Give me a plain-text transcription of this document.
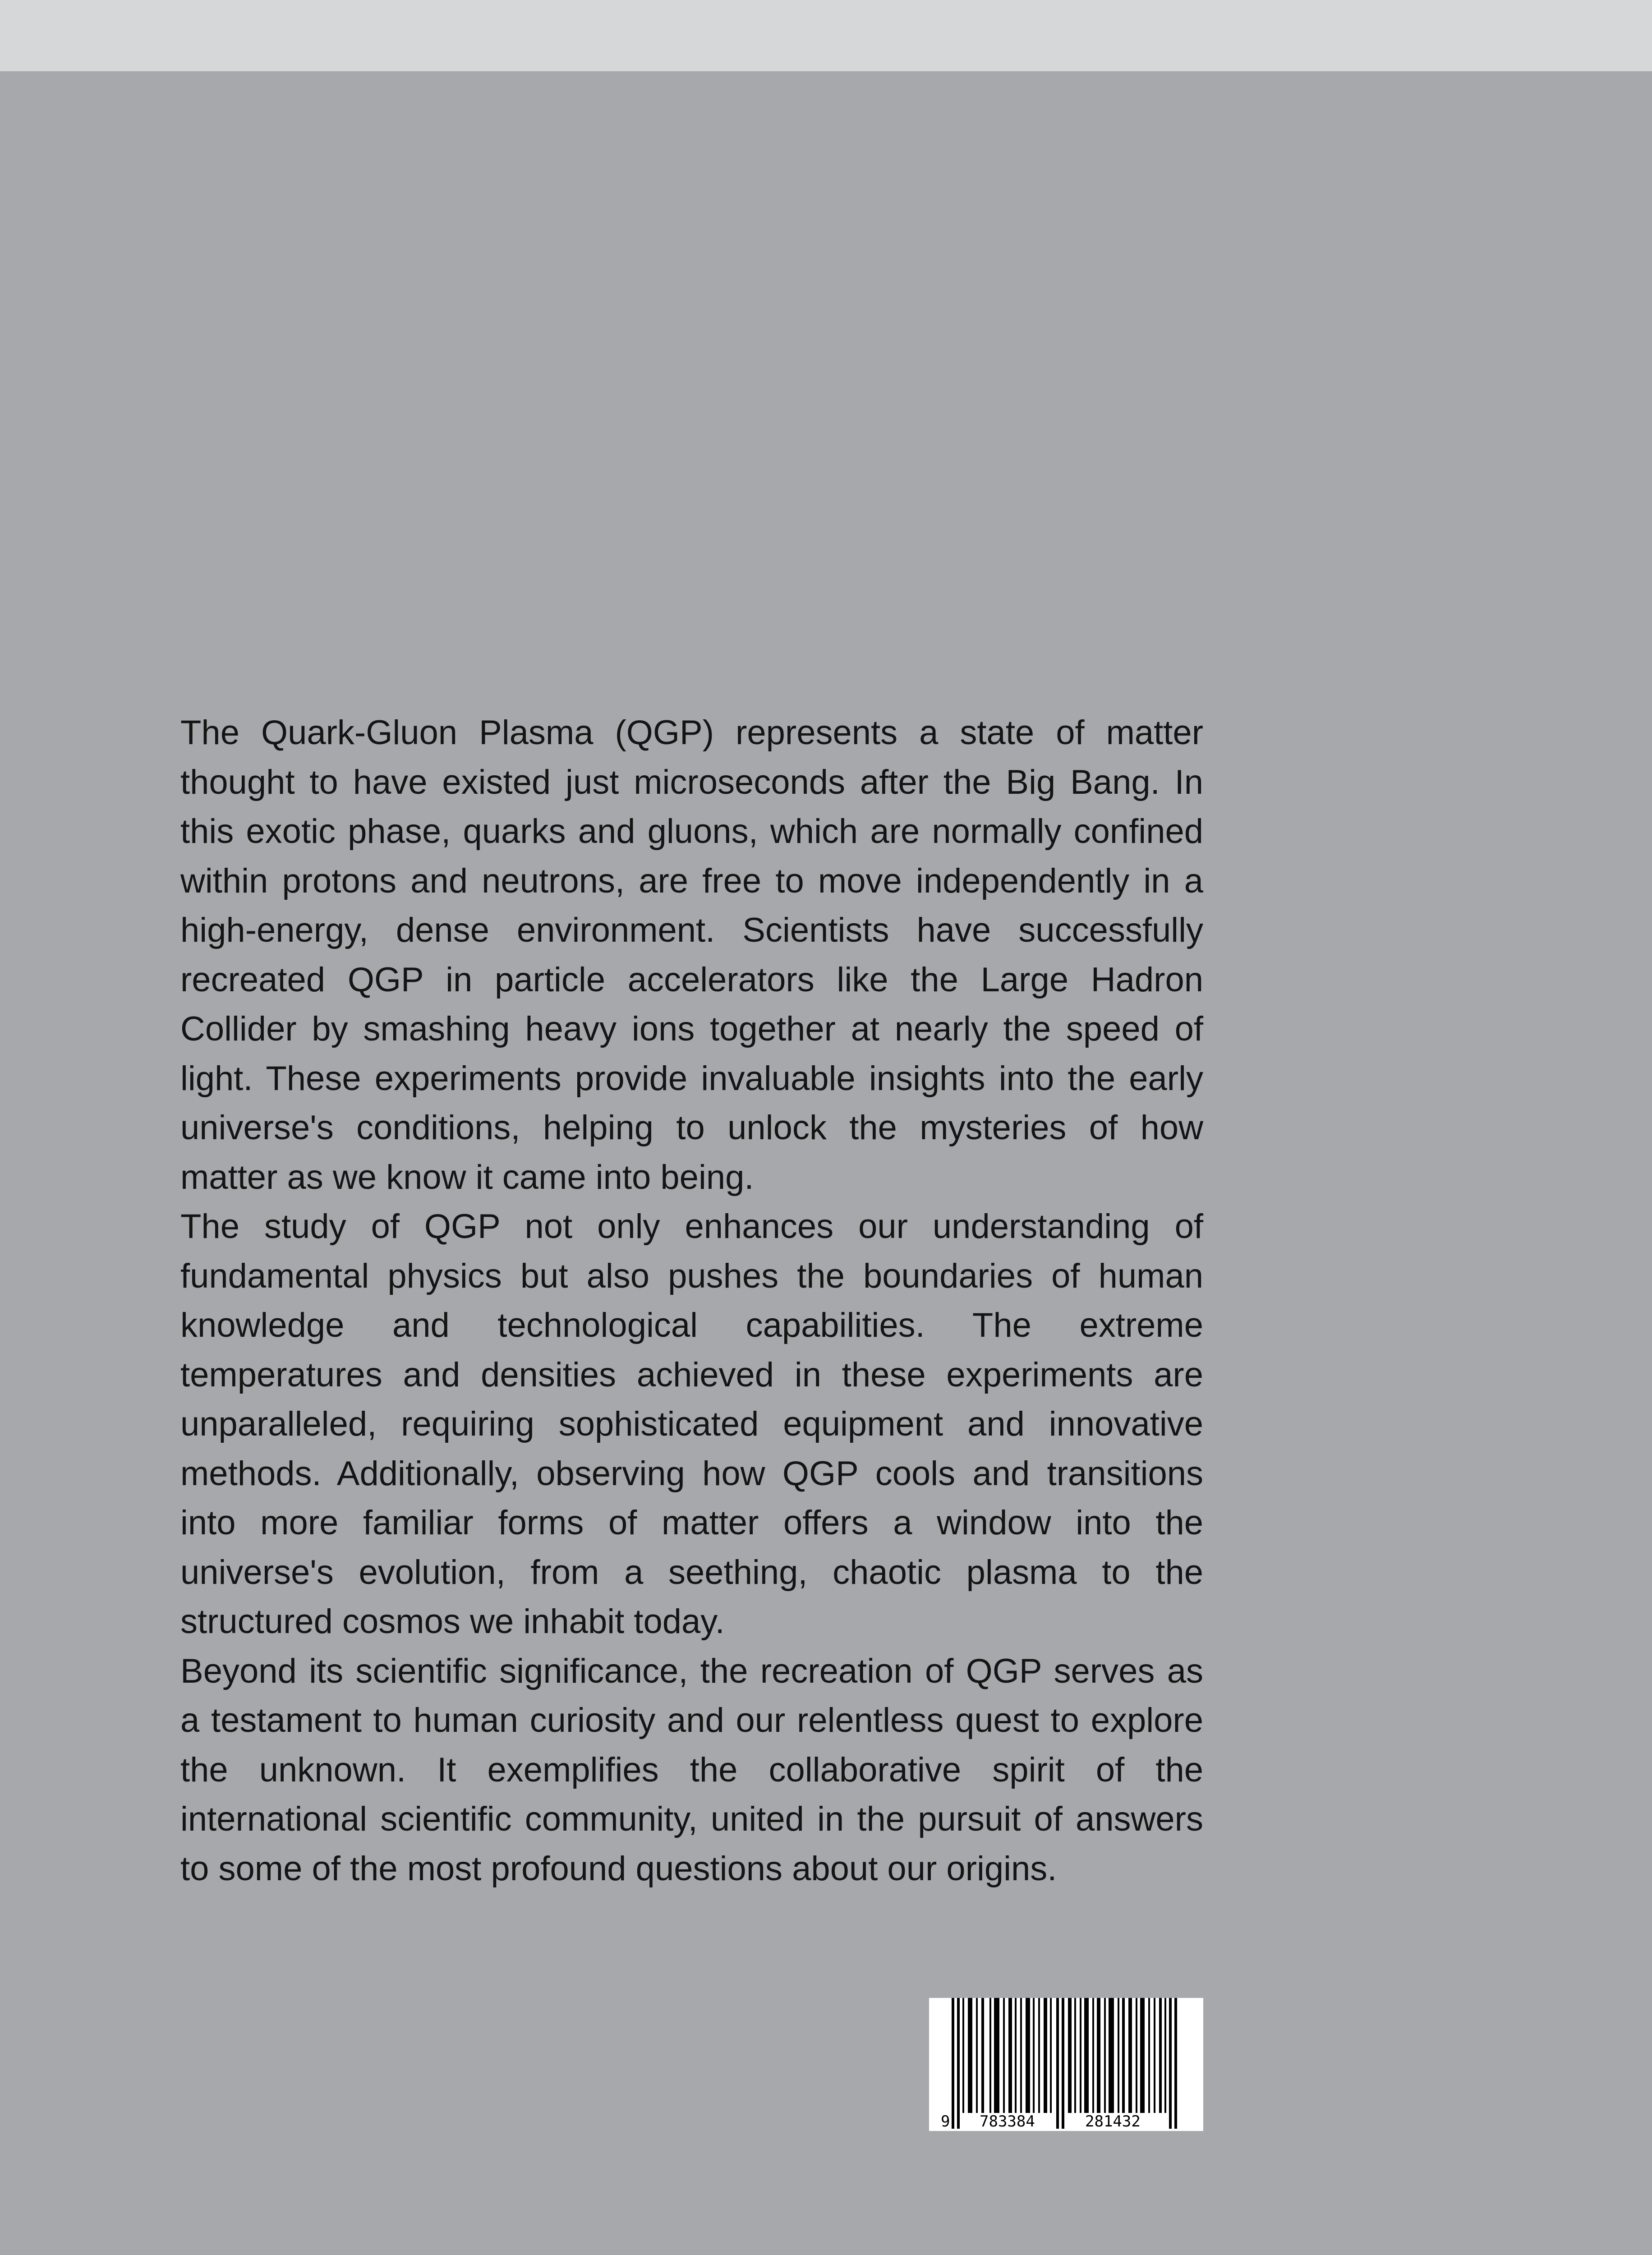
The Quark-Gluon Plasma (QGP) represents a state of matter thought to have existed just microseconds after the Big Bang. In this exotic phase, quarks and gluons, which are normally confined within protons and neutrons, are free to move independently in a high-energy, dense environment. Scientists have successfully recreated QGP in particle accelerators like the Large Hadron Collider by smashing heavy ions together at nearly the speed of light. These experiments provide invaluable insights into the early universe's conditions, helping to unlock the mysteries of how matter as we know it came into being.

The study of QGP not only enhances our understanding of fundamental physics but also pushes the boundaries of human knowledge and technological capabilities. The extreme temperatures and densities achieved in these experiments are unparalleled, requiring sophisticated equipment and innovative methods. Additionally, observing how QGP cools and transitions into more familiar forms of matter offers a window into the universe's evolution, from a seething, chaotic plasma to the structured cosmos we inhabit today.

Beyond its scientific significance, the recreation of QGP serves as a testament to human curiosity and our relentless quest to explore the unknown. It exemplifies the collaborative spirit of the international scientific community, united in the pursuit of answers to some of the most profound questions about our origins.

9 783384	281432
